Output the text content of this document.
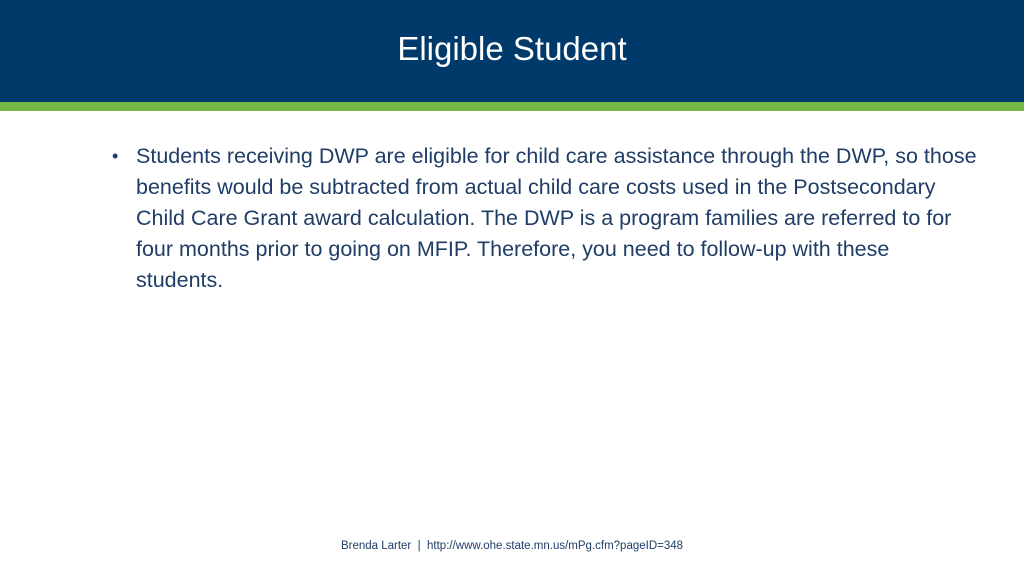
Eligible Student
• Students receiving DWP are eligible for child care assistance through the DWP, so those benefits would be subtracted from actual child care costs used in the Postsecondary Child Care Grant award calculation. The DWP is a program families are referred to for four months prior to going on MFIP. Therefore, you need to follow-up with these students.
Brenda Larter  |  http://www.ohe.state.mn.us/mPg.cfm?pageID=348
